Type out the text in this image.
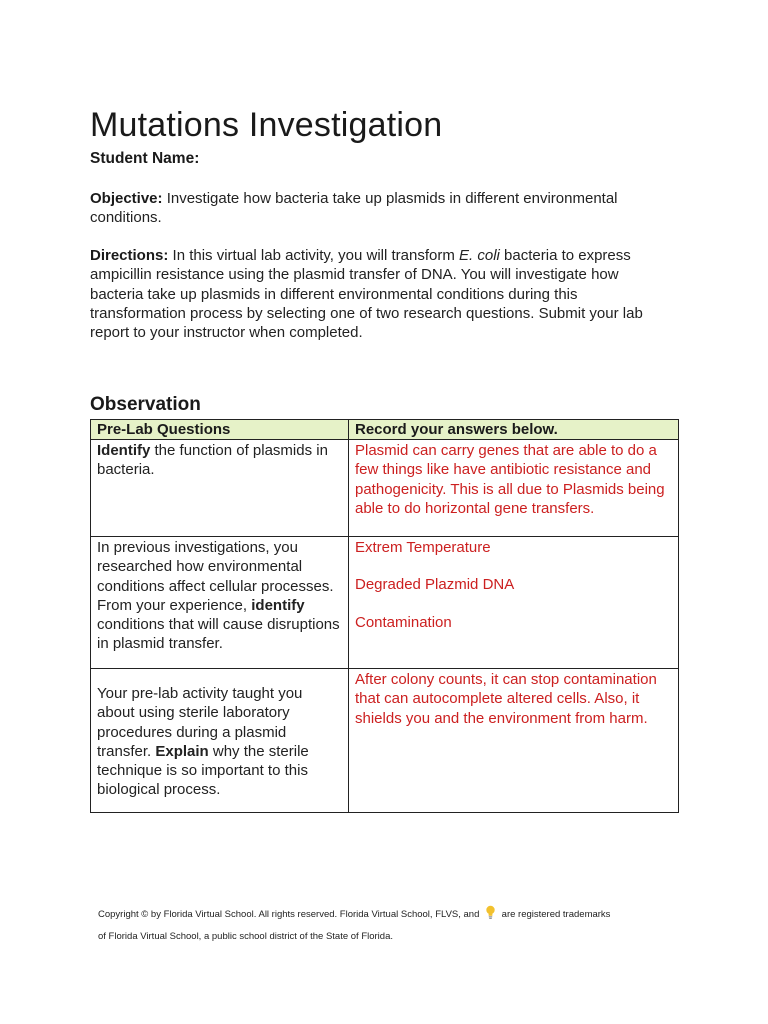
Mutations Investigation
Student Name:

Objective: Investigate how bacteria take up plasmids in different environmental conditions.

Directions: In this virtual lab activity, you will transform E. coli bacteria to express ampicillin resistance using the plasmid transfer of DNA. You will investigate how bacteria take up plasmids in different environmental conditions during this transformation process by selecting one of two research questions. Submit your lab report to your instructor when completed.

Observation
Pre-Lab Questions	Record your answers below.
Identify the function of plasmids in bacteria.	Plasmid can carry genes that are able to do a few things like have antibiotic resistance and pathogenicity. This is all due to Plasmids being able to do horizontal gene transfers.
In previous investigations, you researched how environmental conditions affect cellular processes. From your experience, identify conditions that will cause disruptions in plasmid transfer.	Extrem Temperature
Degraded Plazmid DNA
Contamination

Your pre-lab activity taught you about using sterile laboratory procedures during a plasmid transfer. Explain why the sterile technique is so important to this biological process.	After colony counts, it can stop contamination that can autocomplete altered cells. Also, it shields you and the environment from harm.
Copyright © by Florida Virtual School. All rights reserved. Florida Virtual School, FLVS, and are registered trademarks
of Florida Virtual School, a public school district of the State of Florida.
